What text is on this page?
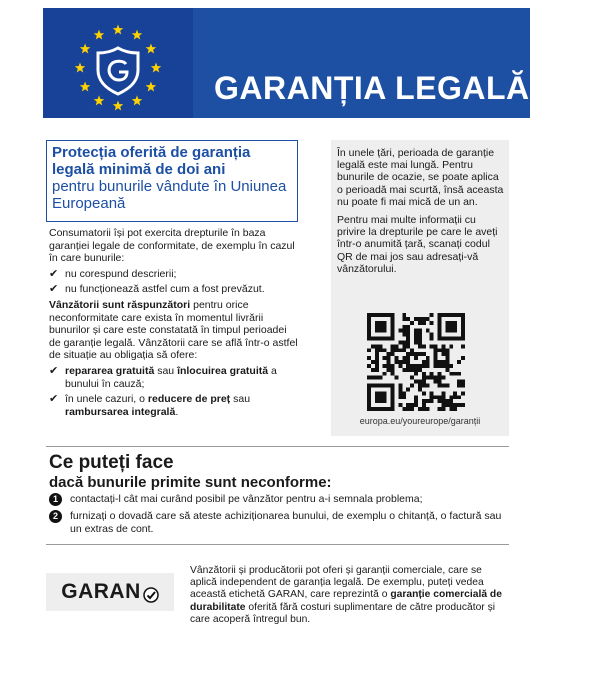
GARANȚIA LEGALĂ
Protecția oferită de garanția legală minimă de doi ani
pentru bunurile vândute în Uniunea Europeană

Consumatorii își pot exercita drepturile în baza garanției legale de conformitate, de exemplu în cazul în care bunurile:

✔ nu corespund descrierii;
✔ nu funcționează astfel cum a fost prevăzut.

Vânzătorii sunt răspunzători pentru orice neconformitate care exista în momentul livrării bunurilor și care este constatată în timpul perioadei de garanție legală. Vânzătorii care se află într-o astfel de situație au obligația să ofere:

✔ repararea gratuită sau înlocuirea gratuită a bunului în cauză;
✔ în unele cazuri, o reducere de preț sau rambursarea integrală.

În unele țări, perioada de garanție legală este mai lungă. Pentru bunurile de ocazie, se poate aplica o perioadă mai scurtă, însă aceasta nu poate fi mai mică de un an.

Pentru mai multe informații cu privire la drepturile pe care le aveți într-o anumită țară, scanați codul QR de mai jos sau adresați-vă vânzătorului.

europa.eu/youreurope/garanții
Ce puteți face
dacă bunurile primite sunt neconforme:
1	contactați-l cât mai curând posibil pe vânzător pentru a-i semnala problema;
2	furnizați o dovadă care să ateste achiziționarea bunului, de exemplu o chitanță, o factură sau un extras de cont.
GARAN
Vânzătorii și producătorii pot oferi și garanții comerciale, care se aplică independent de garanția legală. De exemplu, puteți vedea această etichetă GARAN, care reprezintă o garanție comercială de durabilitate oferită fără costuri suplimentare de către producător și care acoperă întregul bun.
